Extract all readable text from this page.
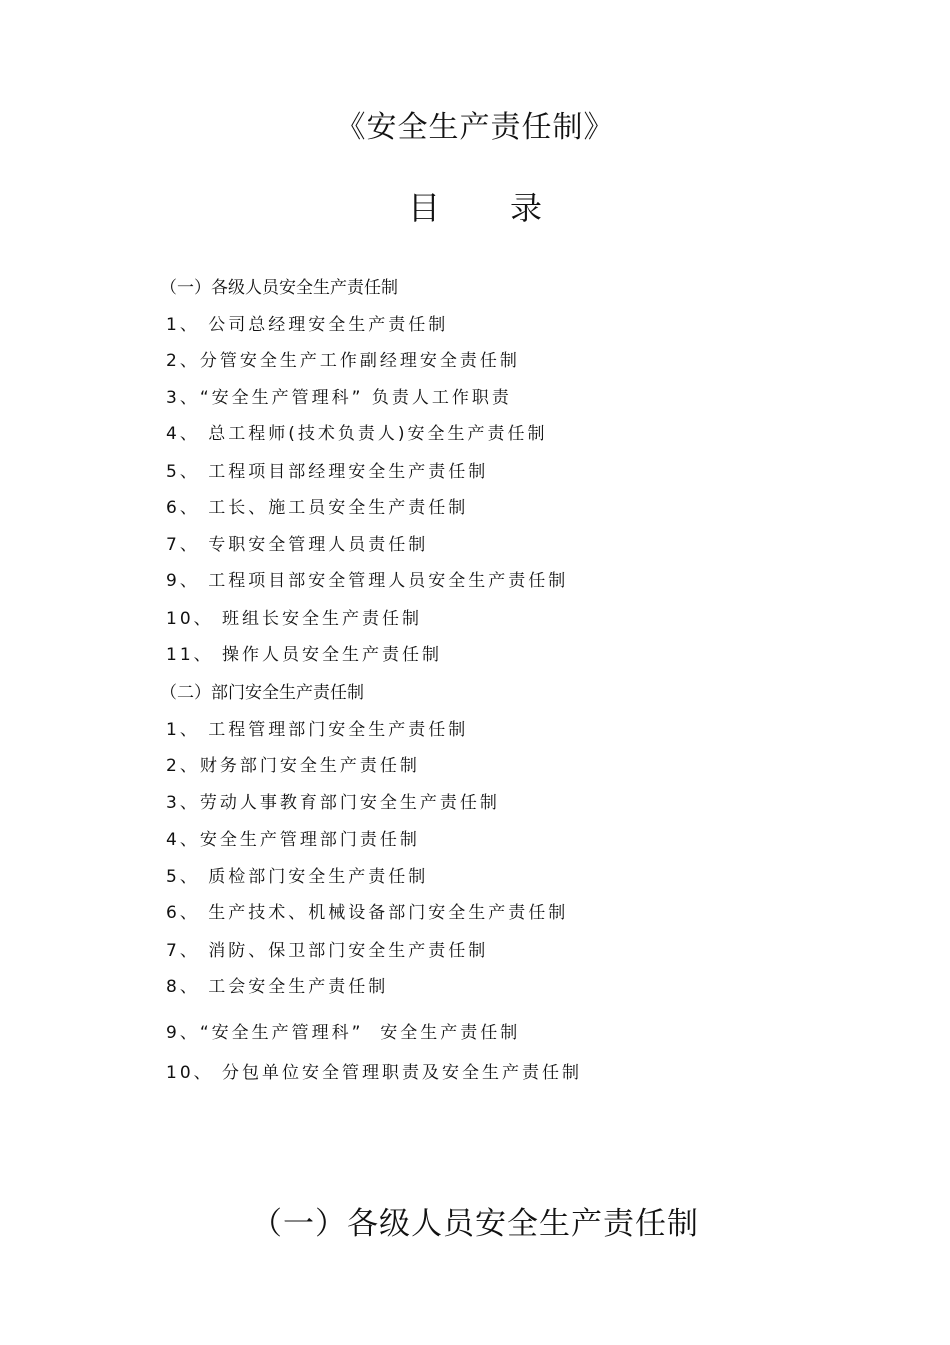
《安全生产责任制》
目 录
（一）各级人员安全生产责任制
1、 公司总经理安全生产责任制
2、分管安全生产工作副经理安全责任制
3、“安全生产管理科” 负责人工作职责
4、 总工程师(技术负责人)安全生产责任制
5、 工程项目部经理安全生产责任制
6、 工长、施工员安全生产责任制
7、 专职安全管理人员责任制
9、 工程项目部安全管理人员安全生产责任制
10、 班组长安全生产责任制
11、 操作人员安全生产责任制
（二）部门安全生产责任制
1、 工程管理部门安全生产责任制
2、财务部门安全生产责任制
3、劳动人事教育部门安全生产责任制
4、安全生产管理部门责任制
5、 质检部门安全生产责任制
6、 生产技术、机械设备部门安全生产责任制
7、 消防、保卫部门安全生产责任制
8、 工会安全生产责任制
9、“安全生产管理科”  安全生产责任制
10、 分包单位安全管理职责及安全生产责任制
（一）各级人员安全生产责任制
